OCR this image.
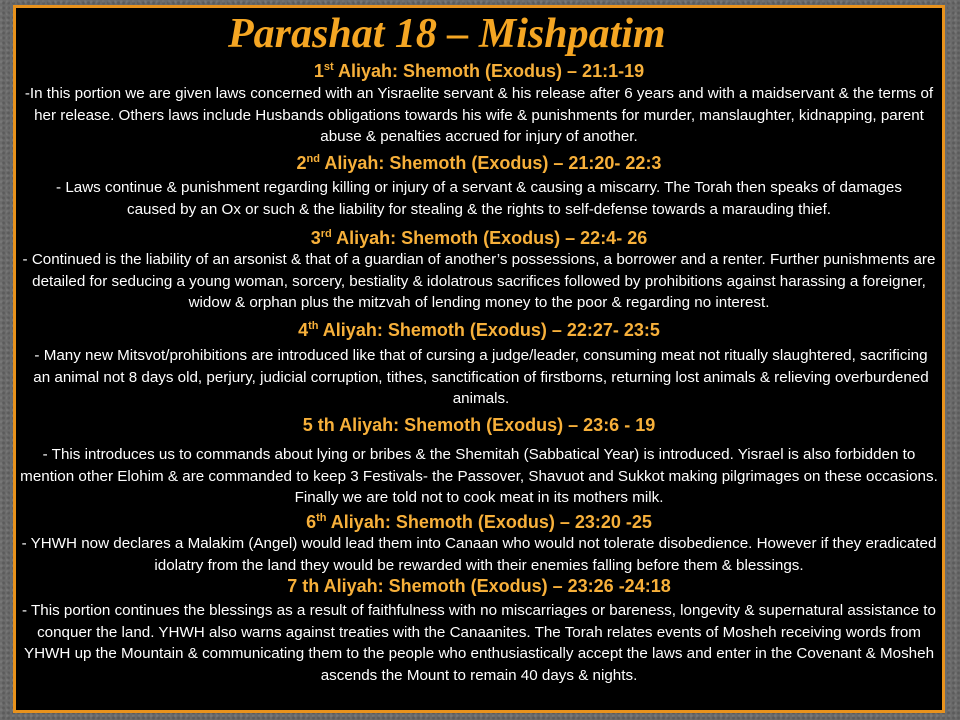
Parashat 18 – Mishpatim
1st Aliyah: Shemoth (Exodus) – 21:1-19
-In this portion we are given laws concerned with an Yisraelite servant & his release after 6 years and with a maidservant & the terms of her release. Others laws include Husbands obligations towards his wife & punishments for murder, manslaughter, kidnapping, parent abuse & penalties accrued for injury of another.
2nd Aliyah: Shemoth (Exodus) – 21:20- 22:3
- Laws continue & punishment regarding killing or injury of a servant & causing a miscarry. The Torah then speaks of damages caused by an Ox or such & the liability for stealing & the rights to self-defense towards a marauding thief.
3rd Aliyah: Shemoth (Exodus) – 22:4- 26
- Continued is the liability of an arsonist & that of a guardian of another’s possessions, a borrower and a renter. Further punishments are detailed for seducing a young woman, sorcery, bestiality & idolatrous sacrifices followed by prohibitions against harassing a foreigner, widow & orphan plus the mitzvah of lending money to the poor & regarding no interest.
4th Aliyah: Shemoth (Exodus) – 22:27- 23:5
- Many new Mitsvot/prohibitions are introduced like that of cursing a judge/leader, consuming meat not ritually slaughtered, sacrificing an animal not 8 days old, perjury, judicial corruption, tithes, sanctification of firstborns, returning lost animals & relieving overburdened animals.
5 th Aliyah: Shemoth (Exodus) – 23:6 - 19
- This introduces us to commands about lying or bribes & the Shemitah (Sabbatical Year) is introduced. Yisrael is also forbidden to mention other Elohim & are commanded to keep 3 Festivals- the Passover, Shavuot and Sukkot making pilgrimages on these occasions. Finally we are told not to cook meat in its mothers milk.
6th Aliyah: Shemoth (Exodus) – 23:20 -25
- YHWH now declares a Malakim (Angel) would lead them into Canaan who would not tolerate disobedience. However if they eradicated idolatry from the land they would be rewarded with their enemies falling before them & blessings.
7 th Aliyah: Shemoth (Exodus) – 23:26 -24:18
- This portion continues the blessings as a result of faithfulness with no miscarriages or bareness, longevity & supernatural assistance to conquer the land. YHWH also warns against treaties with the Canaanites. The Torah relates events of Mosheh receiving words from YHWH up the Mountain & communicating them to the people who enthusiastically accept the laws and enter in the Covenant & Mosheh ascends the Mount to remain 40 days & nights.
